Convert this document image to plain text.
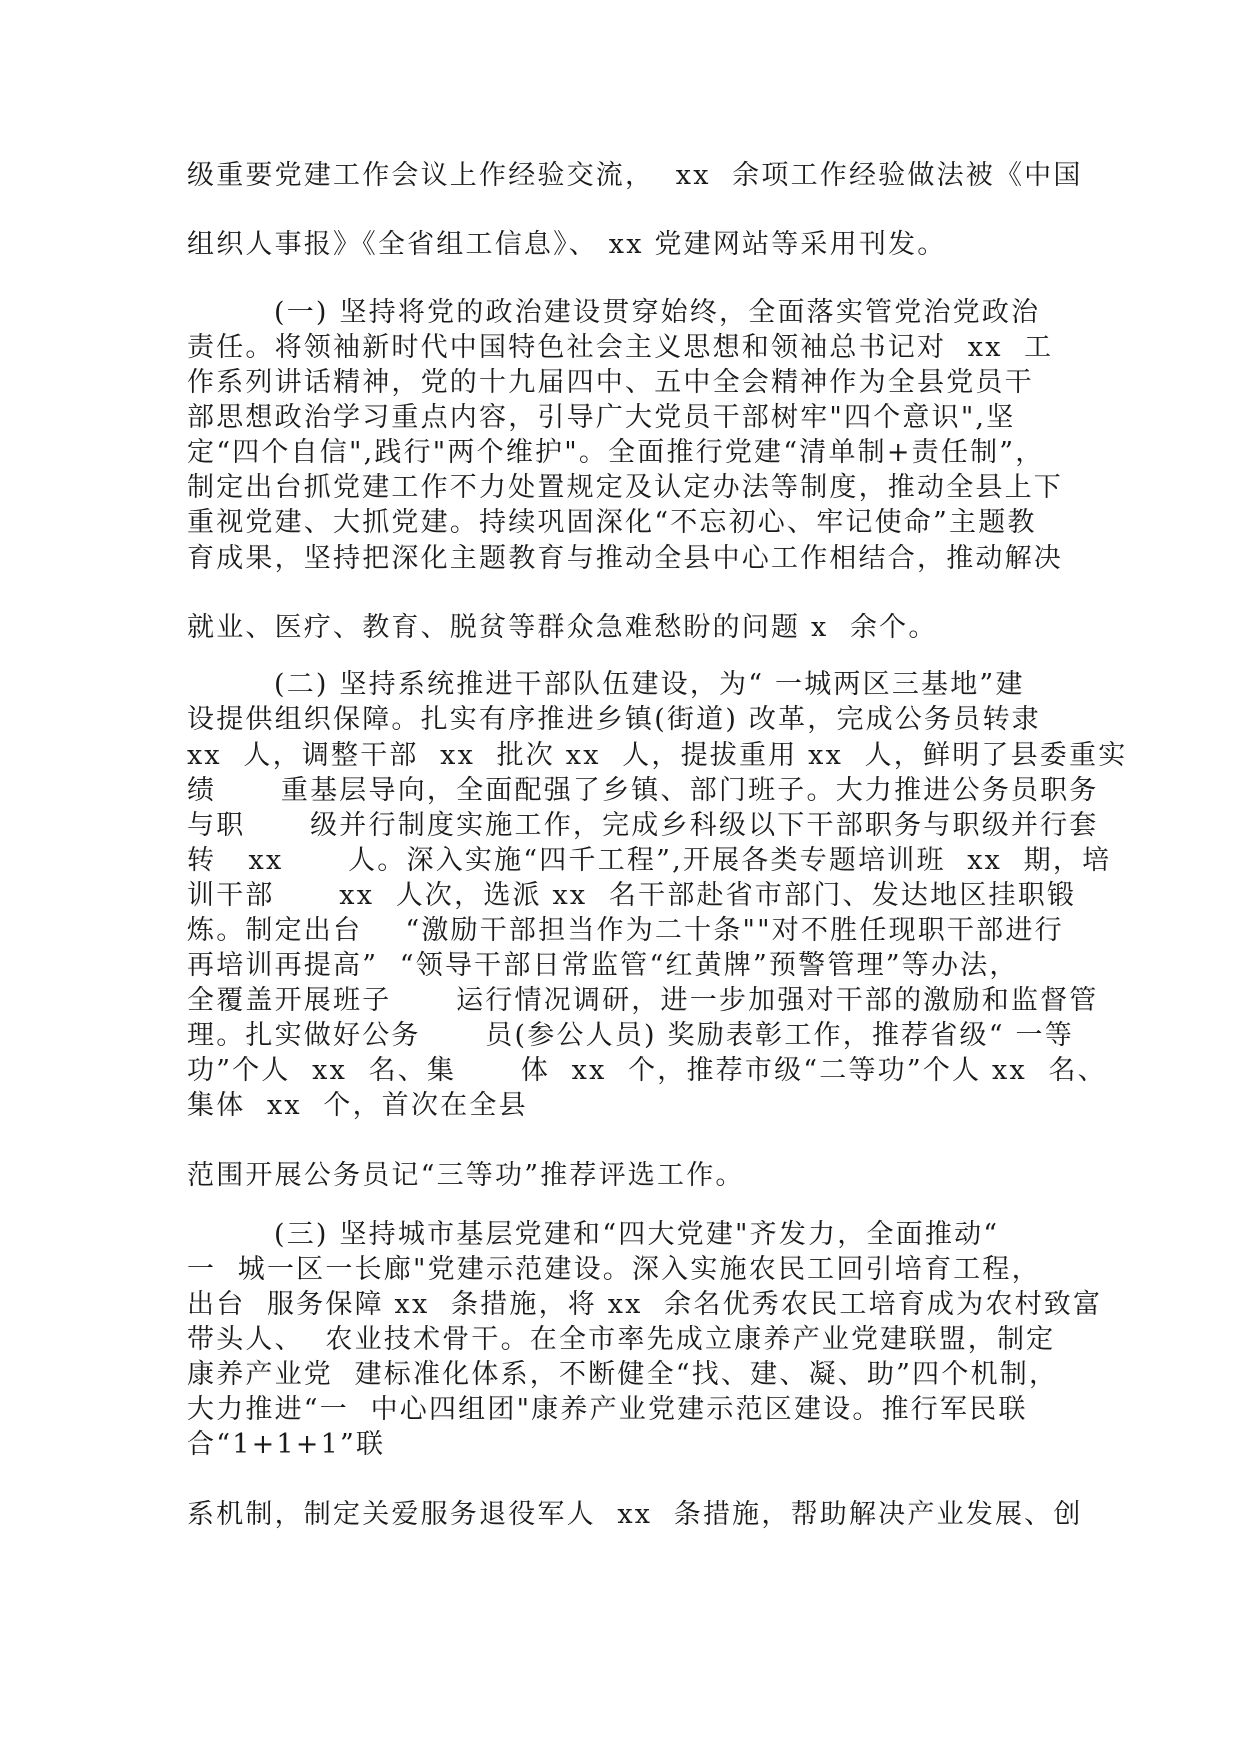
级重要党建工作会议上作经验交流，  xx  余项工作经验做法被《中国
组织人事报》《全省组工信息》、 xx 党建网站等采用刊发。
(一) 坚持将党的政治建设贯穿始终，全面落实管党治党政治
责任。将领袖新时代中国特色社会主义思想和领袖总书记对  xx  工
作系列讲话精神，党的十九届四中、五中全会精神作为全县党员干
部思想政治学习重点内容，引导广大党员干部树牢"四个意识",坚
定“四个自信",践行"两个维护"。全面推行党建“清单制+责任制”，
制定出台抓党建工作不力处置规定及认定办法等制度，推动全县上下
重视党建、大抓党建。持续巩固深化“不忘初心、牢记使命”主题教
育成果，坚持把深化主题教育与推动全县中心工作相结合，推动解决
就业、医疗、教育、脱贫等群众急难愁盼的问题 x  余个。
(二) 坚持系统推进干部队伍建设，为“ 一城两区三基地”建
设提供组织保障。扎实有序推进乡镇(街道) 改革，完成公务员转隶
xx  人，调整干部  xx  批次 xx  人，提拔重用 xx  人，鲜明了县委重实
绩      重基层导向，全面配强了乡镇、部门班子。大力推进公务员职务
与职      级并行制度实施工作，完成乡科级以下干部职务与职级并行套
转   xx      人。深入实施“四千工程”,开展各类专题培训班  xx  期，培
训干部      xx  人次，选派 xx  名干部赴省市部门、发达地区挂职锻
炼。制定出台    “激励干部担当作为二十条""对不胜任现职干部进行
再培训再提高”  “领导干部日常监管“红黄牌”预警管理”等办法，
全覆盖开展班子      运行情况调研，进一步加强对干部的激励和监督管
理。扎实做好公务      员(参公人员) 奖励表彰工作，推荐省级“ 一等
功”个人  xx  名、集      体  xx  个，推荐市级“二等功”个人 xx  名、
集体  xx  个，首次在全县
范围开展公务员记“三等功”推荐评选工作。
(三) 坚持城市基层党建和“四大党建"齐发力，全面推动“
一  城一区一长廊"党建示范建设。深入实施农民工回引培育工程，
出台  服务保障 xx  条措施，将 xx  余名优秀农民工培育成为农村致富
带头人、  农业技术骨干。在全市率先成立康养产业党建联盟，制定
康养产业党  建标准化体系，不断健全“找、建、凝、助”四个机制，
大力推进“一  中心四组团"康养产业党建示范区建设。推行军民联
合“1+1+1”联
系机制，制定关爱服务退役军人  xx  条措施，帮助解决产业发展、创
